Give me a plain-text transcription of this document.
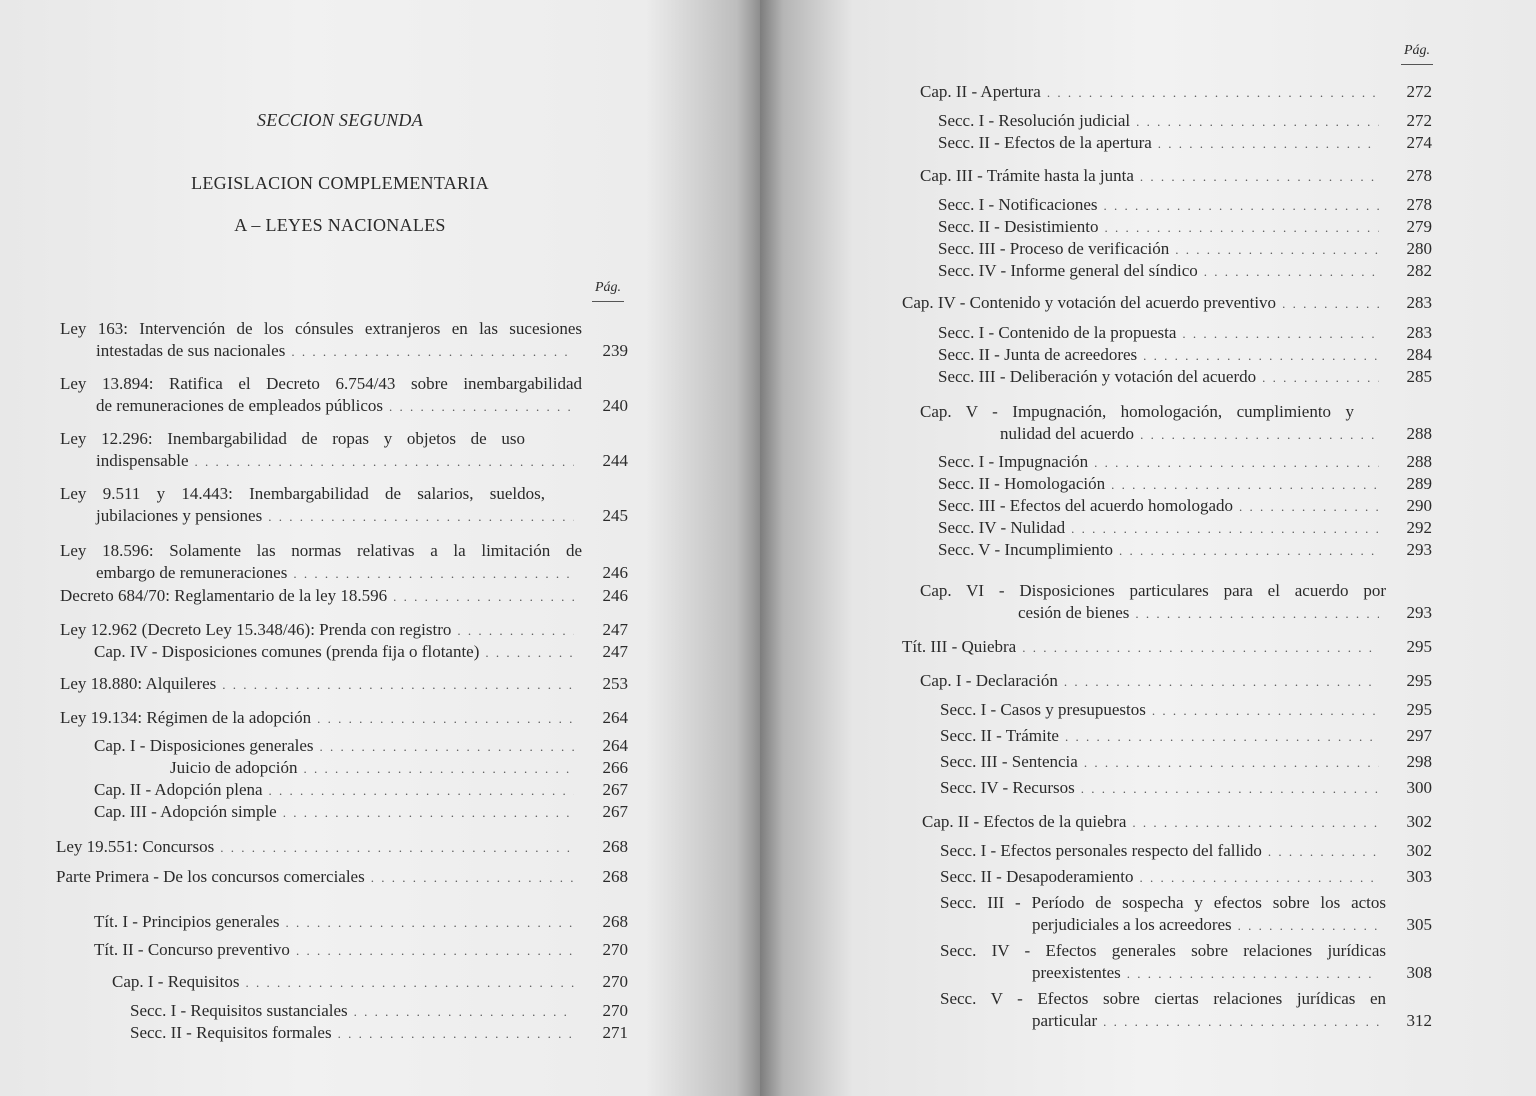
SECCION SEGUNDA
LEGISLACION COMPLEMENTARIA
A – LEYES NACIONALES
Pág.
Ley 163: Intervención de los cónsules extranjeros en las sucesiones
intestadas de sus nacionales . . .	239
Ley 13.894: Ratifica el Decreto 6.754/43 sobre inembargabilidad
de remuneraciones de empleados públicos . . .	240
Ley 12.296: Inembargabilidad de ropas y objetos de uso
indispensable . . .	244
Ley 9.511 y 14.443: Inembargabilidad de salarios, sueldos,
jubilaciones y pensiones . . .	245
Ley 18.596: Solamente las normas relativas a la limitación de
embargo de remuneraciones . . .	246
Decreto 684/70: Reglamentario de la ley 18.596 . . .	246
Ley 12.962 (Decreto Ley 15.348/46): Prenda con registro . . .	247
Cap. IV - Disposiciones comunes (prenda fija o flotante) . . .	247
Ley 18.880: Alquileres . . .	253
Ley 19.134: Régimen de la adopción . . .	264
Cap. I - Disposiciones generales . . .	264
Juicio de adopción . . .	266
Cap. II - Adopción plena . . .	267
Cap. III - Adopción simple . . .	267
Ley 19.551: Concursos . . .	268
Parte Primera - De los concursos comerciales . . .	268
Tít. I - Principios generales . . .	268
Tít. II - Concurso preventivo . . .	270
Cap. I - Requisitos . . .	270
Secc. I - Requisitos sustanciales . . .	270
Secc. II - Requisitos formales . . .	271
Pág.
Cap. II - Apertura . . .	272
Secc. I - Resolución judicial . . .	272
Secc. II - Efectos de la apertura . . .	274
Cap. III - Trámite hasta la junta . . .	278
Secc. I - Notificaciones . . .	278
Secc. II - Desistimiento . . .	279
Secc. III - Proceso de verificación . . .	280
Secc. IV - Informe general del síndico . . .	282
Cap. IV - Contenido y votación del acuerdo preventivo . . .	283
Secc. I - Contenido de la propuesta . . .	283
Secc. II - Junta de acreedores . . .	284
Secc. III - Deliberación y votación del acuerdo . . .	285
Cap. V - Impugnación, homologación, cumplimiento y
nulidad del acuerdo . . .	288
Secc. I - Impugnación . . .	288
Secc. II - Homologación . . .	289
Secc. III - Efectos del acuerdo homologado . . .	290
Secc. IV - Nulidad . . .	292
Secc. V - Incumplimiento . . .	293
Cap. VI - Disposiciones particulares para el acuerdo por
cesión de bienes . . .	293
Tít. III - Quiebra . . .	295
Cap. I - Declaración . . .	295
Secc. I - Casos y presupuestos . . .	295
Secc. II - Trámite . . .	297
Secc. III - Sentencia . . .	298
Secc. IV - Recursos . . .	300
Cap. II - Efectos de la quiebra . . .	302
Secc. I - Efectos personales respecto del fallido . . .	302
Secc. II - Desapoderamiento . . .	303
Secc. III - Período de sospecha y efectos sobre los actos
perjudiciales a los acreedores . . .	305
Secc. IV - Efectos generales sobre relaciones jurídicas
preexistentes . . .	308
Secc. V - Efectos sobre ciertas relaciones jurídicas en
particular . . .	312
